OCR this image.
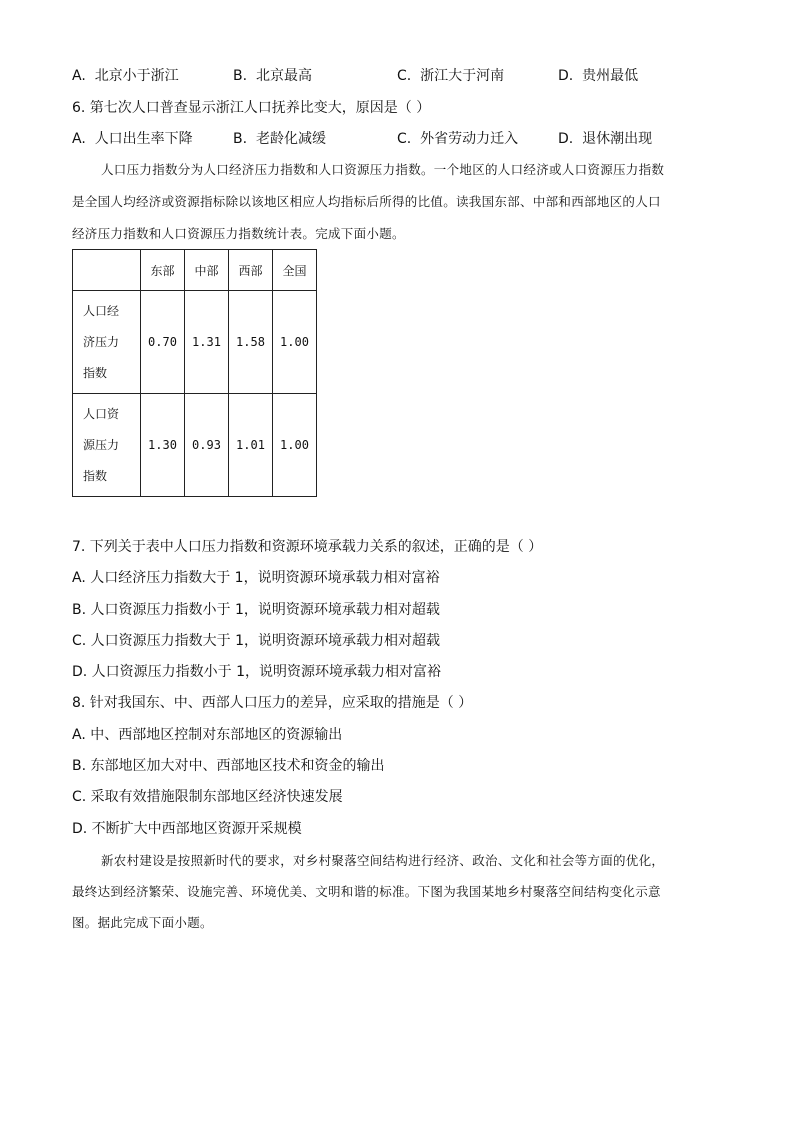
A. 北京小于浙江	B. 北京最高	C. 浙江大于河南	D. 贵州最低
6. 第七次人口普查显示浙江人口抚养比变大，原因是（ ）
A. 人口出生率下降	B. 老龄化减缓	C. 外省劳动力迁入	D. 退休潮出现
人口压力指数分为人口经济压力指数和人口资源压力指数。一个地区的人口经济或人口资源压力指数
是全国人均经济或资源指标除以该地区相应人均指标后所得的比值。读我国东部、中部和西部地区的人口
经济压力指数和人口资源压力指数统计表。完成下面小题。
	东部	中部	西部	全国

人口经
济压力
指数	0.70	1.31	1.58	1.00

人口资
源压力
指数	1.30	0.93	1.01	1.00
7. 下列关于表中人口压力指数和资源环境承载力关系的叙述，正确的是（ ）
A. 人口经济压力指数大于 1，说明资源环境承载力相对富裕
B. 人口资源压力指数小于 1，说明资源环境承载力相对超载
C. 人口资源压力指数大于 1，说明资源环境承载力相对超载
D. 人口资源压力指数小于 1，说明资源环境承载力相对富裕
8. 针对我国东、中、西部人口压力的差异，应采取的措施是（ ）
A. 中、西部地区控制对东部地区的资源输出
B. 东部地区加大对中、西部地区技术和资金的输出
C. 采取有效措施限制东部地区经济快速发展
D. 不断扩大中西部地区资源开采规模
新农村建设是按照新时代的要求，对乡村聚落空间结构进行经济、政治、文化和社会等方面的优化，
最终达到经济繁荣、设施完善、环境优美、文明和谐的标准。下图为我国某地乡村聚落空间结构变化示意
图。据此完成下面小题。
